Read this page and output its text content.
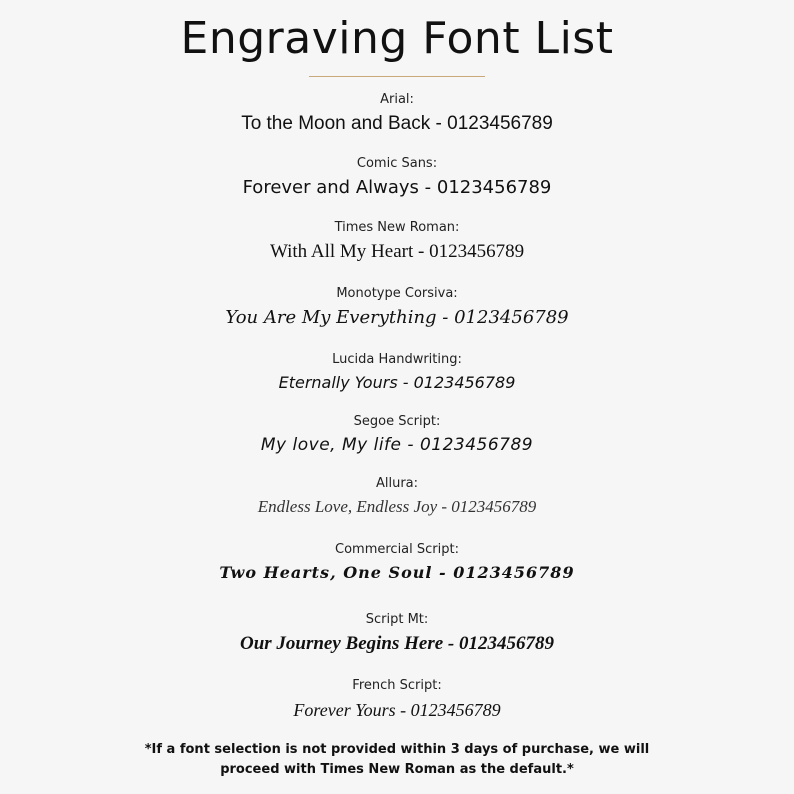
Engraving Font List
Arial:
To the Moon and Back - 0123456789
Comic Sans:
Forever and Always - 0123456789
Times New Roman:
With All My Heart - 0123456789
Monotype Corsiva:
You Are My Everything - 0123456789
Lucida Handwriting:
Eternally Yours - 0123456789
Segoe Script:
My love, My life - 0123456789
Allura:
Endless Love, Endless Joy - 0123456789
Commercial Script:
Two Hearts, One Soul - 0123456789
Script Mt:
Our Journey Begins Here - 0123456789
French Script:
Forever Yours - 0123456789
*If a font selection is not provided within 3 days of purchase, we will
proceed with Times New Roman as the default.*
